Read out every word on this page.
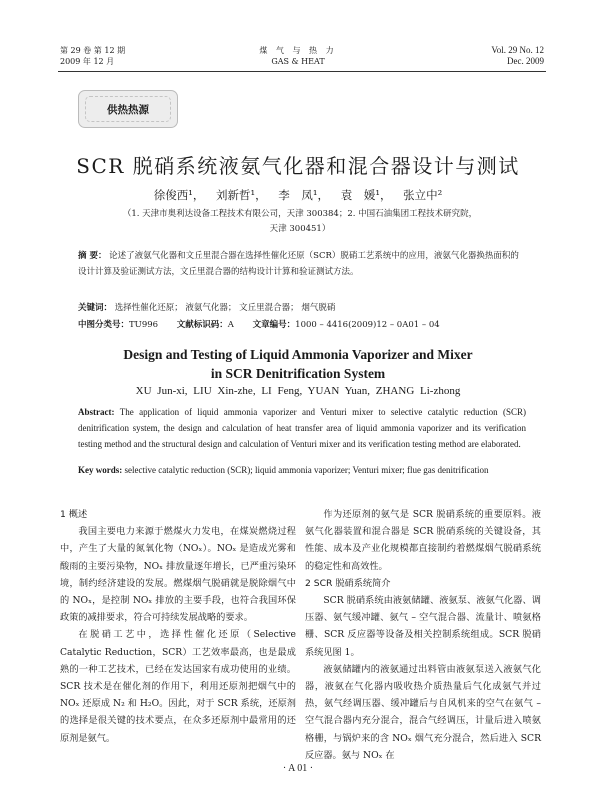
第 29 卷 第 12 期
2009 年 12 月
煤 气 与 热 力
GAS & HEAT
Vol. 29 No. 12
Dec. 2009
供热热源
SCR 脱硝系统液氨气化器和混合器设计与测试
徐俊西¹， 刘新哲¹， 李 凤¹， 袁 媛¹， 张立中²
（1. 天津市奥利达设备工程技术有限公司，天津 300384；2. 中国石油集团工程技术研究院，
天津 300451）
摘 要： 论述了液氨气化器和文丘里混合器在选择性催化还原（SCR）脱硝工艺系统中的应用，液氨气化器换热面积的设计计算及验证测试方法，文丘里混合器的结构设计计算和验证测试方法。
关键词： 选择性催化还原； 液氨气化器； 文丘里混合器； 烟气脱硝
中图分类号：TU996 文献标识码：A 文章编号：1000 – 4416(2009)12 – 0A01 – 04
Design and Testing of Liquid Ammonia Vaporizer and Mixer
in SCR Denitrification System
XU Jun-xi, LIU Xin-zhe, LI Feng, YUAN Yuan, ZHANG Li-zhong
Abstract: The application of liquid ammonia vaporizer and Venturi mixer to selective catalytic reduction (SCR) denitrification system, the design and calculation of heat transfer area of liquid ammonia vaporizer and its verification testing method and the structural design and calculation of Venturi mixer and its verification testing method are elaborated.
Key words: selective catalytic reduction (SCR); liquid ammonia vaporizer; Venturi mixer; flue gas denitrification
1 概述

我国主要电力来源于燃煤火力发电，在煤炭燃烧过程中，产生了大量的氮氧化物（NOₓ）。NOₓ 是造成光雾和酸雨的主要污染物，NOₓ 排放量逐年增长，已严重污染环境，制约经济建设的发展。燃煤烟气脱硝就是脱除烟气中的 NOₓ，是控制 NOₓ 排放的主要手段，也符合我国环保政策的减排要求，符合可持续发展战略的要求。

在脱硝工艺中，选择性催化还原（Selective Catalytic Reduction，SCR）工艺效率最高，也是最成熟的一种工艺技术，已经在发达国家有成功使用的业绩。SCR 技术是在催化剂的作用下，利用还原剂把烟气中的 NOₓ 还原成 N₂ 和 H₂O。因此，对于 SCR 系统，还原剂的选择是很关键的技术要点，在众多还原剂中最常用的还原剂是氨气。

作为还原剂的氨气是 SCR 脱硝系统的重要原料。液氨气化器装置和混合器是 SCR 脱硝系统的关键设备，其性能、成本及产业化规模都直接制约着燃煤烟气脱硝系统的稳定性和高效性。

2 SCR 脱硝系统简介

SCR 脱硝系统由液氨储罐、液氨泵、液氨气化器、调压器、氨气缓冲罐、氨气 – 空气混合器、流量计、喷氨格栅、SCR 反应器等设备及相关控制系统组成。SCR 脱硝系统见图 1。

液氨储罐内的液氨通过出料管由液氨泵送入液氨气化器，液氨在气化器内吸收热介质热量后气化成氨气并过热，氨气经调压器、缓冲罐后与自风机来的空气在氨气 – 空气混合器内充分混合，混合气经调压，计量后进入喷氨格栅，与锅炉来的含 NOₓ 烟气充分混合，然后进入 SCR 反应器。氨与 NOₓ 在

· A 01 ·
